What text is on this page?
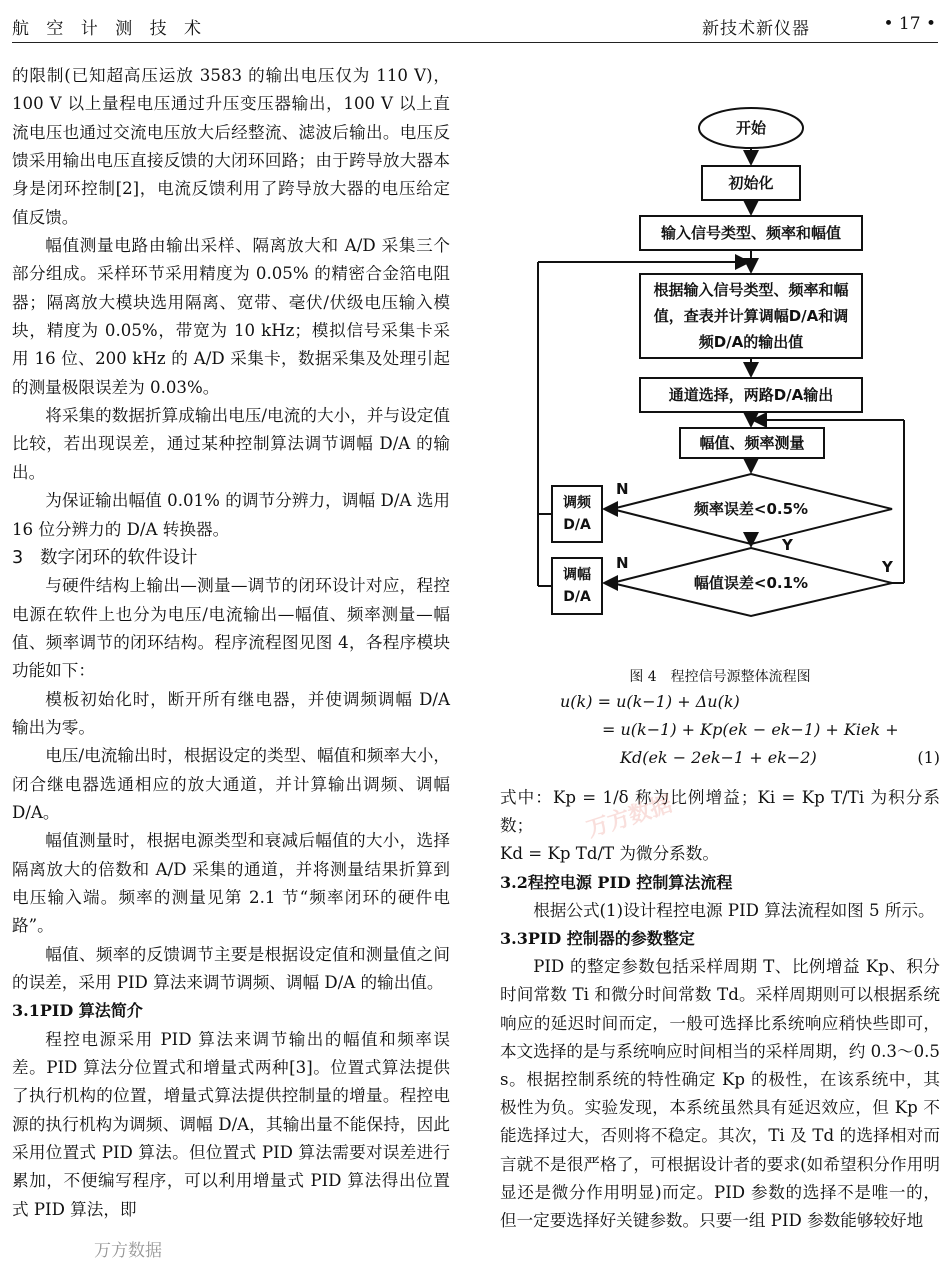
航 空 计 测 技 术	新技术新仪器	• 17 •

的限制(已知超高压运放 3583 的输出电压仅为 110 V)，100 V 以上量程电压通过升压变压器输出，100 V 以上直流电压也通过交流电压放大后经整流、滤波后输出。电压反馈采用输出电压直接反馈的大闭环回路；由于跨导放大器本身是闭环控制[2]，电流反馈利用了跨导放大器的电压给定值反馈。

幅值测量电路由输出采样、隔离放大和 A/D 采集三个部分组成。采样环节采用精度为 0.05% 的精密合金箔电阻器；隔离放大模块选用隔离、宽带、毫伏/伏级电压输入模块，精度为 0.05%，带宽为 10 kHz；模拟信号采集卡采用 16 位、200 kHz 的 A/D 采集卡，数据采集及处理引起的测量极限误差为 0.03%。

将采集的数据折算成输出电压/电流的大小，并与设定值比较，若出现误差，通过某种控制算法调节调幅 D/A 的输出。

为保证输出幅值 0.01% 的调节分辨力，调幅 D/A 选用 16 位分辨力的 D/A 转换器。

3 数字闭环的软件设计

与硬件结构上输出—测量—调节的闭环设计对应，程控电源在软件上也分为电压/电流输出—幅值、频率测量—幅值、频率调节的闭环结构。程序流程图见图 4，各程序模块功能如下：

模板初始化时，断开所有继电器，并使调频调幅 D/A 输出为零。

电压/电流输出时，根据设定的类型、幅值和频率大小，闭合继电器选通相应的放大通道，并计算输出调频、调幅 D/A。

幅值测量时，根据电源类型和衰减后幅值的大小，选择隔离放大的倍数和 A/D 采集的通道，并将测量结果折算到电压输入端。频率的测量见第 2.1 节“频率闭环的硬件电路”。

幅值、频率的反馈调节主要是根据设定值和测量值之间的误差，采用 PID 算法来调节调频、调幅 D/A 的输出值。

3.1PID 算法简介

程控电源采用 PID 算法来调节输出的幅值和频率误差。PID 算法分位置式和增量式两种[3]。位置式算法提供了执行机构的位置，增量式算法提供控制量的增量。程控电源的执行机构为调频、调幅 D/A，其输出量不能保持，因此采用位置式 PID 算法。但位置式 PID 算法需要对误差进行累加，不便编写程序，可以利用增量式 PID 算法得出位置式 PID 算法，即

开始
初始化
输入信号类型、频率和幅值
根据输入信号类型、频率和幅值，查表并计算调幅D/A和调频D/A的输出值
通道选择，两路D/A输出
幅值、频率测量
频率误差<0.5%
幅值误差<0.1%
调频 D/A
调幅 D/A
N
N
Y
Y
图 4　程控信号源整体流程图
u(k) = u(k−1) + Δu(k)
= u(k−1) + Kp(ek − ek−1) + Kiek +
Kd(ek − 2ek−1 + ek−2)	(1)

式中：Kp = 1/δ 称为比例增益；Ki = Kp T/Ti 为积分系数；

Kd = Kp Td/T 为微分系数。

3.2程控电源 PID 控制算法流程

根据公式(1)设计程控电源 PID 算法流程如图 5 所示。

3.3PID 控制器的参数整定

PID 的整定参数包括采样周期 T、比例增益 Kp、积分时间常数 Ti 和微分时间常数 Td。采样周期则可以根据系统响应的延迟时间而定，一般可选择比系统响应稍快些即可，本文选择的是与系统响应时间相当的采样周期，约 0.3～0.5 s。根据控制系统的特性确定 Kp 的极性，在该系统中，其极性为负。实验发现，本系统虽然具有延迟效应，但 Kp 不能选择过大，否则将不稳定。其次，Ti 及 Td 的选择相对而言就不是很严格了，可根据设计者的要求(如希望积分作用明显还是微分作用明显)而定。PID 参数的选择不是唯一的，但一定要选择好关键参数。只要一组 PID 参数能够较好地

万方数据
万方数据
